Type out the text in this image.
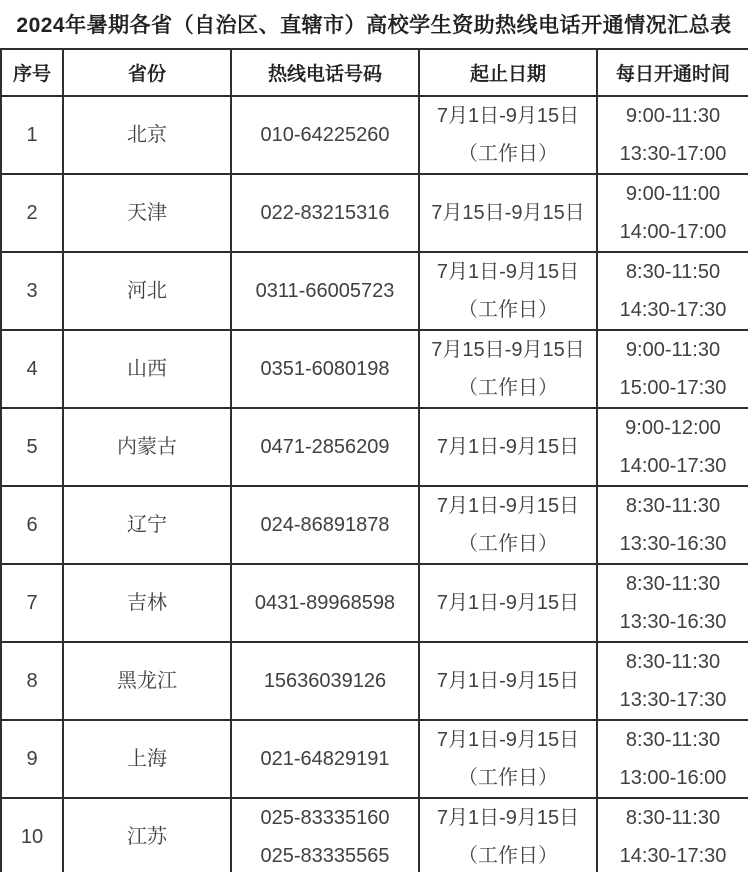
2024年暑期各省（自治区、直辖市）高校学生资助热线电话开通情况汇总表
序号	省份	热线电话号码	起止日期	每日开通时间

1	北京	010-64225260	7月1日-9月15日
（工作日）	9:00-11:30
13:30-17:00

2	天津	022-83215316	7月15日-9月15日	9:00-11:00
14:00-17:00

3	河北	0311-66005723	7月1日-9月15日
（工作日）	8:30-11:50
14:30-17:30

4	山西	0351-6080198	7月15日-9月15日
（工作日）	9:00-11:30
15:00-17:30

5	内蒙古	0471-2856209	7月1日-9月15日	9:00-12:00
14:00-17:30

6	辽宁	024-86891878	7月1日-9月15日
（工作日）	8:30-11:30
13:30-16:30

7	吉林	0431-89968598	7月1日-9月15日	8:30-11:30
13:30-16:30

8	黑龙江	15636039126	7月1日-9月15日	8:30-11:30
13:30-17:30

9	上海	021-64829191	7月1日-9月15日
（工作日）	8:30-11:30
13:00-16:00

10	江苏	025-83335160
025-83335565	7月1日-9月15日
（工作日）	8:30-11:30
14:30-17:30
